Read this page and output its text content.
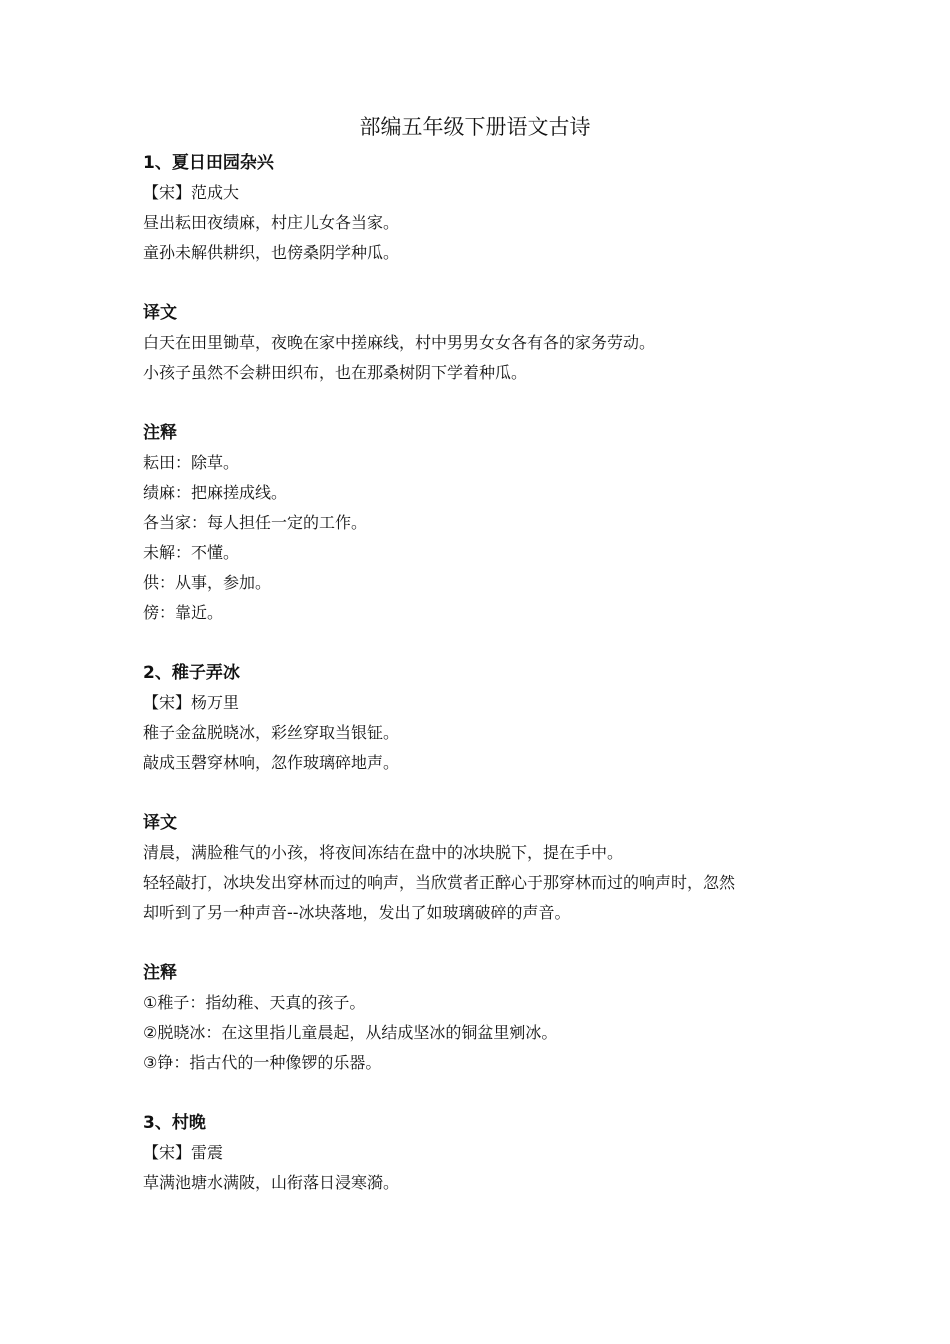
部编五年级下册语文古诗
1、夏日田园杂兴
【宋】范成大
昼出耘田夜绩麻，村庄儿女各当家。
童孙未解供耕织，也傍桑阴学种瓜。
译文
白天在田里锄草，夜晚在家中搓麻线，村中男男女女各有各的家务劳动。
小孩子虽然不会耕田织布，也在那桑树阴下学着种瓜。
注释
耘田：除草。
绩麻：把麻搓成线。
各当家：每人担任一定的工作。
未解：不懂。
供：从事，参加。
傍：靠近。
2、稚子弄冰
【宋】杨万里
稚子金盆脱晓冰，彩丝穿取当银钲。
敲成玉磬穿林响，忽作玻璃碎地声。
译文
清晨，满脸稚气的小孩，将夜间冻结在盘中的冰块脱下，提在手中。
轻轻敲打，冰块发出穿林而过的响声，当欣赏者正醉心于那穿林而过的响声时，忽然
却听到了另一种声音--冰块落地，发出了如玻璃破碎的声音。
注释
①稚子：指幼稚、天真的孩子。
②脱晓冰：在这里指儿童晨起，从结成坚冰的铜盆里剜冰。
③铮：指古代的一种像锣的乐器。
3、村晚
【宋】雷震
草满池塘水满陂，山衔落日浸寒漪。
